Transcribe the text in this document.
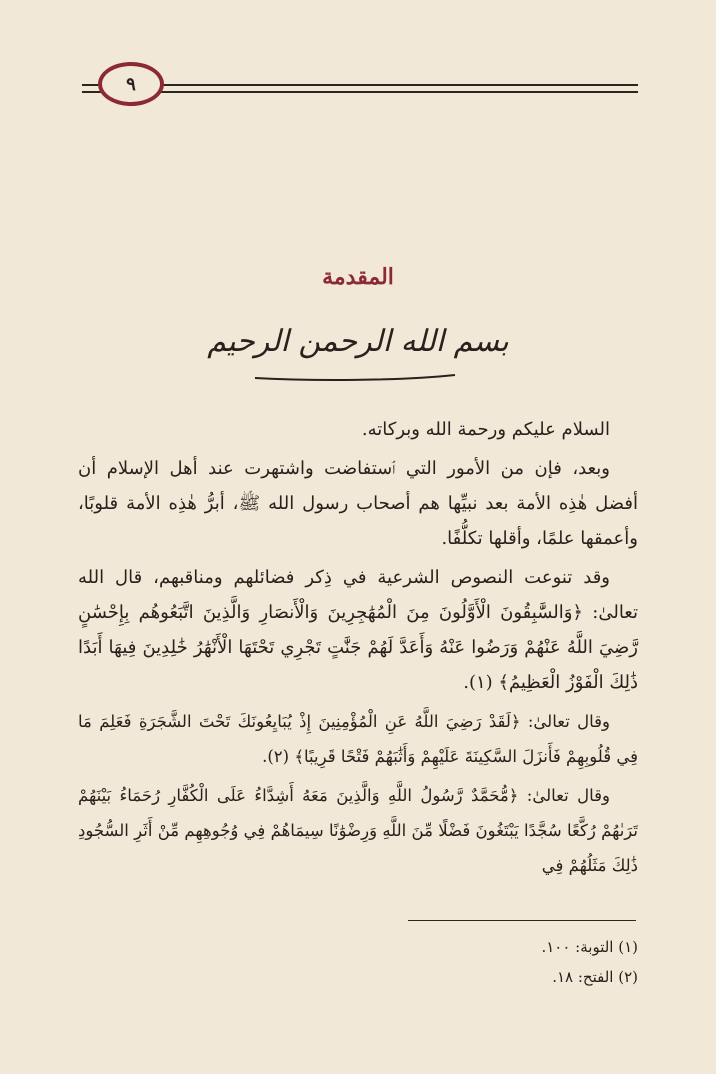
٩
المقدمة
بسم الله الرحمن الرحيم

السلام عليكم ورحمة الله وبركاته.

وبعد، فإن من الأمور التي ٱستفاضت واشتهرت عند أهل الإسلام أن أفضل هٰذِه الأمة بعد نبيِّها هم أصحاب رسول الله ﷺ، أبرُّ هٰذِه الأمة قلوبًا، وأعمقها علمًا، وأقلها تكلُّفًا.

وقد تنوعت النصوص الشرعية في ذِكر فضائلهم ومناقبهم، قال الله تعالىٰ: ﴿وَالسَّٰبِقُونَ الْأَوَّلُونَ مِنَ الْمُهَٰجِرِينَ وَالْأَنصَارِ وَالَّذِينَ اتَّبَعُوهُم بِإِحْسَٰنٍ رَّضِيَ اللَّهُ عَنْهُمْ وَرَضُوا عَنْهُ وَأَعَدَّ لَهُمْ جَنَّٰتٍ تَجْرِي تَحْتَهَا الْأَنْهَٰرُ خَٰلِدِينَ فِيهَا أَبَدًا ذَٰلِكَ الْفَوْزُ الْعَظِيمُ﴾ (١).

وقال تعالىٰ: ﴿لَقَدْ رَضِيَ اللَّهُ عَنِ الْمُؤْمِنِينَ إِذْ يُبَايِعُونَكَ تَحْتَ الشَّجَرَةِ فَعَلِمَ مَا فِي قُلُوبِهِمْ فَأَنزَلَ السَّكِينَةَ عَلَيْهِمْ وَأَثَٰبَهُمْ فَتْحًا قَرِيبًا﴾ (٢).

وقال تعالىٰ: ﴿مُّحَمَّدٌ رَّسُولُ اللَّهِ وَالَّذِينَ مَعَهُ أَشِدَّاءُ عَلَى الْكُفَّارِ رُحَمَاءُ بَيْنَهُمْ تَرَىٰهُمْ رُكَّعًا سُجَّدًا يَبْتَغُونَ فَضْلًا مِّنَ اللَّهِ وَرِضْوَٰنًا سِيمَاهُمْ فِي وُجُوهِهِم مِّنْ أَثَرِ السُّجُودِ ذَٰلِكَ مَثَلُهُمْ فِي

(١) التوبة: ١٠٠.
(٢) الفتح: ١٨.
